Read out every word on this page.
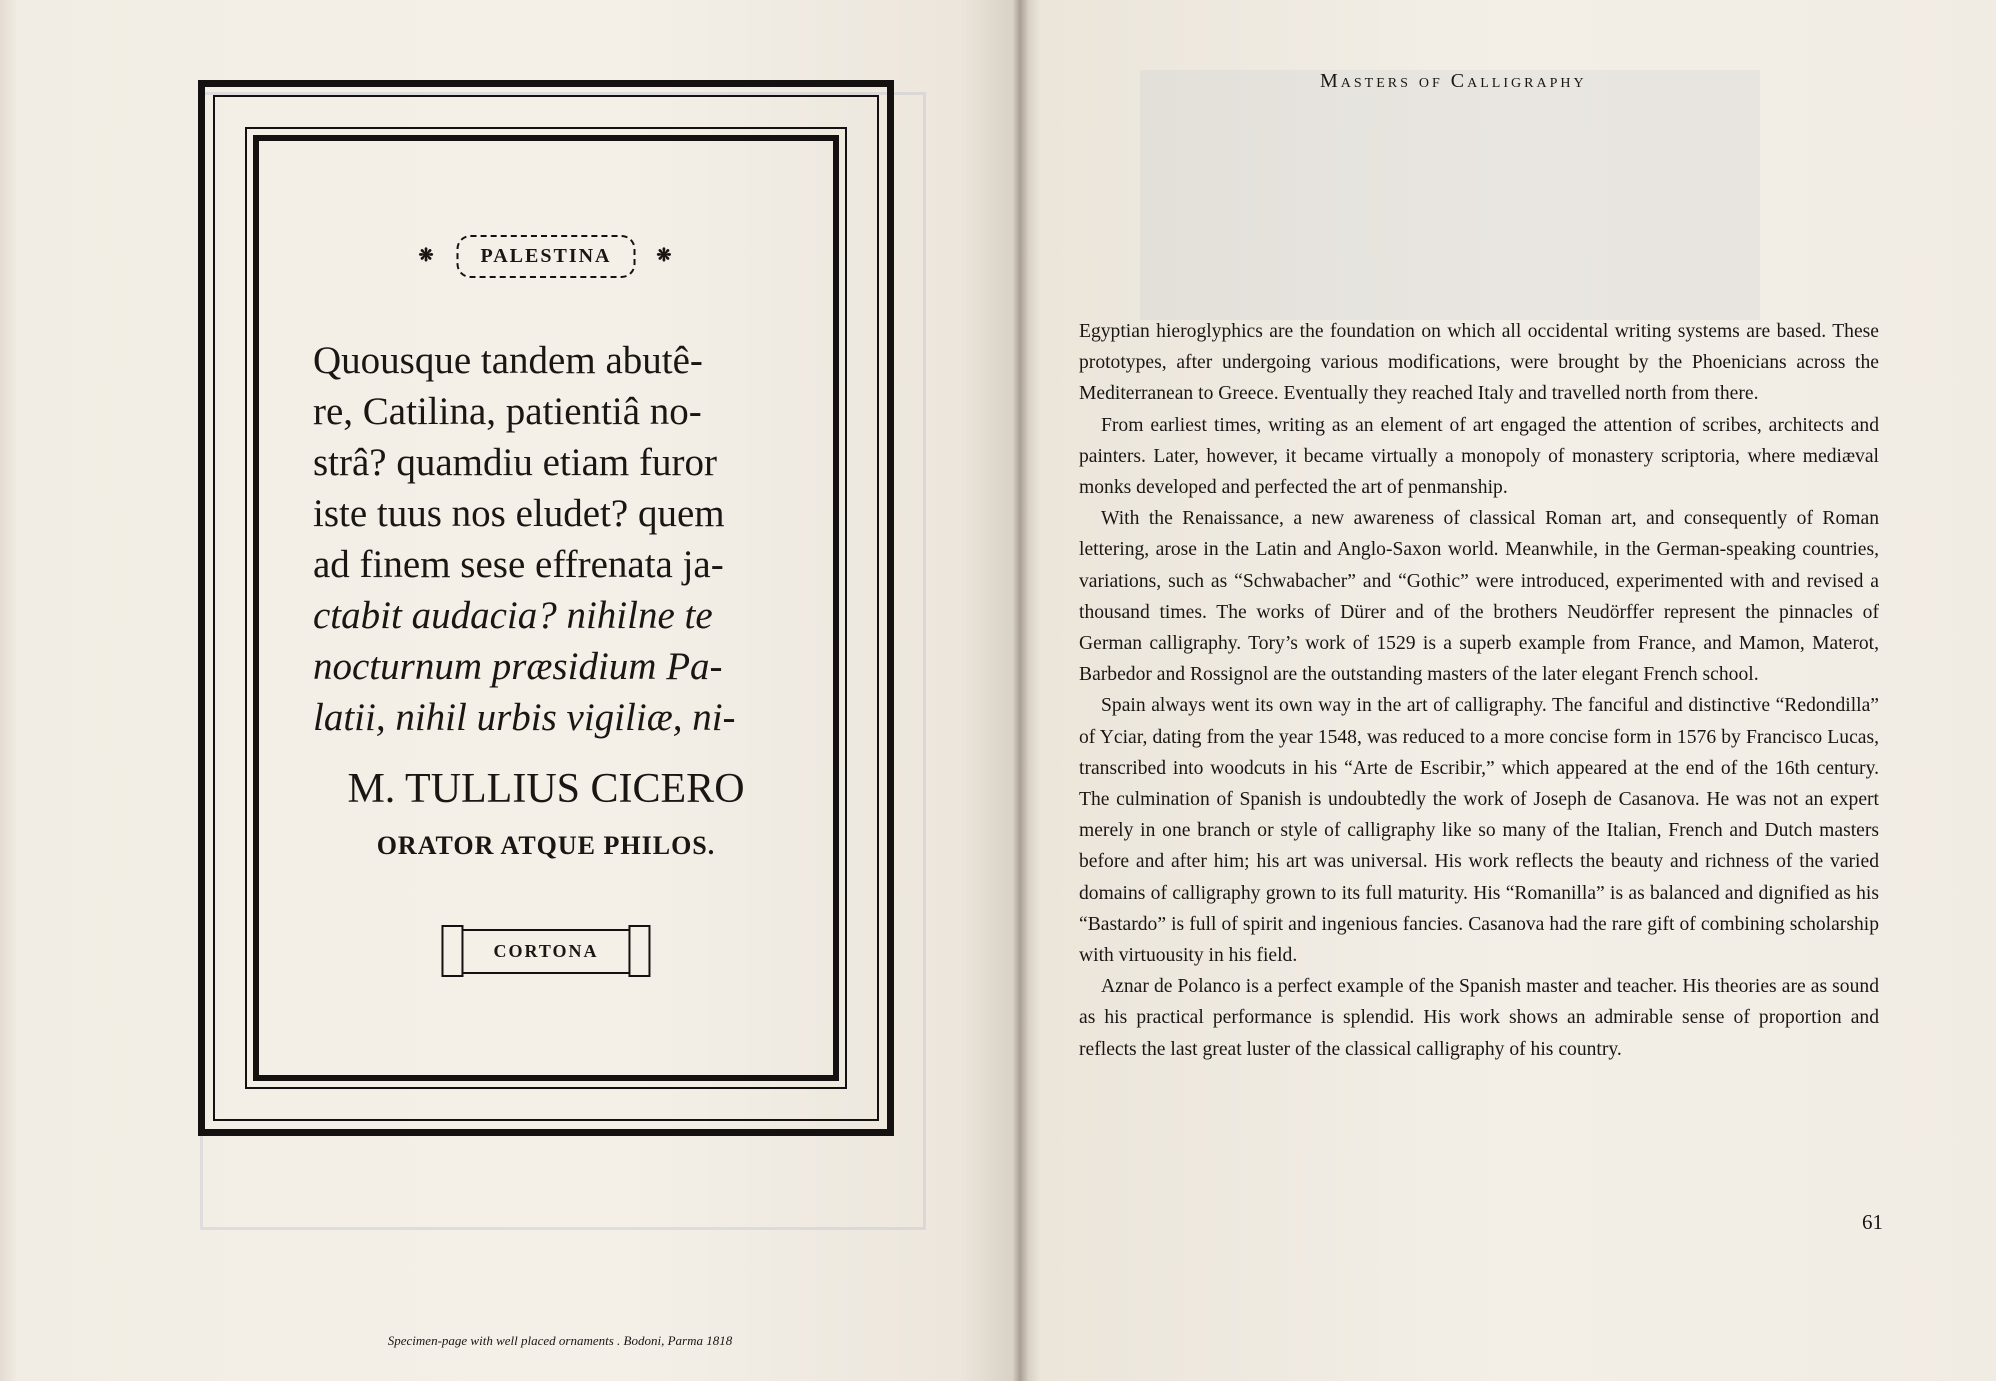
❋ PALESTINA ❋

Quousque tandem abutê-

re, Catilina, patientiâ no-

strâ? quamdiu etiam furor

iste tuus nos eludet? quem

ad finem sese effrenata ja-

ctabit audacia? nihilne te

nocturnum præsidium Pa-

latii, nihil urbis vigiliæ, ni-

M. TULLIUS CICERO
ORATOR ATQUE PHILOS.
CORTONA
Specimen-page with well placed ornaments . Bodoni, Parma 1818
Masters of Calligraphy

Egyptian hieroglyphics are the foundation on which all occidental writing systems are based. These prototypes, after undergoing various modifications, were brought by the Phoenicians across the Mediterranean to Greece. Eventually they reached Italy and travelled north from there.

From earliest times, writing as an element of art engaged the attention of scribes, architects and painters. Later, however, it became virtually a monopoly of monastery scriptoria, where mediæval monks developed and perfected the art of penmanship.

With the Renaissance, a new awareness of classical Roman art, and consequently of Roman lettering, arose in the Latin and Anglo-Saxon world. Meanwhile, in the German-speaking countries, variations, such as “Schwabacher” and “Gothic” were introduced, experimented with and revised a thousand times. The works of Dürer and of the brothers Neudörffer represent the pinnacles of German calligraphy. Tory’s work of 1529 is a superb example from France, and Mamon, Materot, Barbedor and Rossignol are the outstanding masters of the later elegant French school.

Spain always went its own way in the art of calligraphy. The fanciful and distinctive “Redondilla” of Yciar, dating from the year 1548, was reduced to a more concise form in 1576 by Francisco Lucas, transcribed into woodcuts in his “Arte de Escribir,” which appeared at the end of the 16th century. The culmination of Spanish is undoubtedly the work of Joseph de Casanova. He was not an expert merely in one branch or style of calligraphy like so many of the Italian, French and Dutch masters before and after him; his art was universal. His work reflects the beauty and richness of the varied domains of calligraphy grown to its full maturity. His “Romanilla” is as balanced and dignified as his “Bastardo” is full of spirit and ingenious fancies. Casanova had the rare gift of combining scholarship with virtuousity in his field.

Aznar de Polanco is a perfect example of the Spanish master and teacher. His theories are as sound as his practical performance is splendid. His work shows an admirable sense of proportion and reflects the last great luster of the classical calligraphy of his country.

61
